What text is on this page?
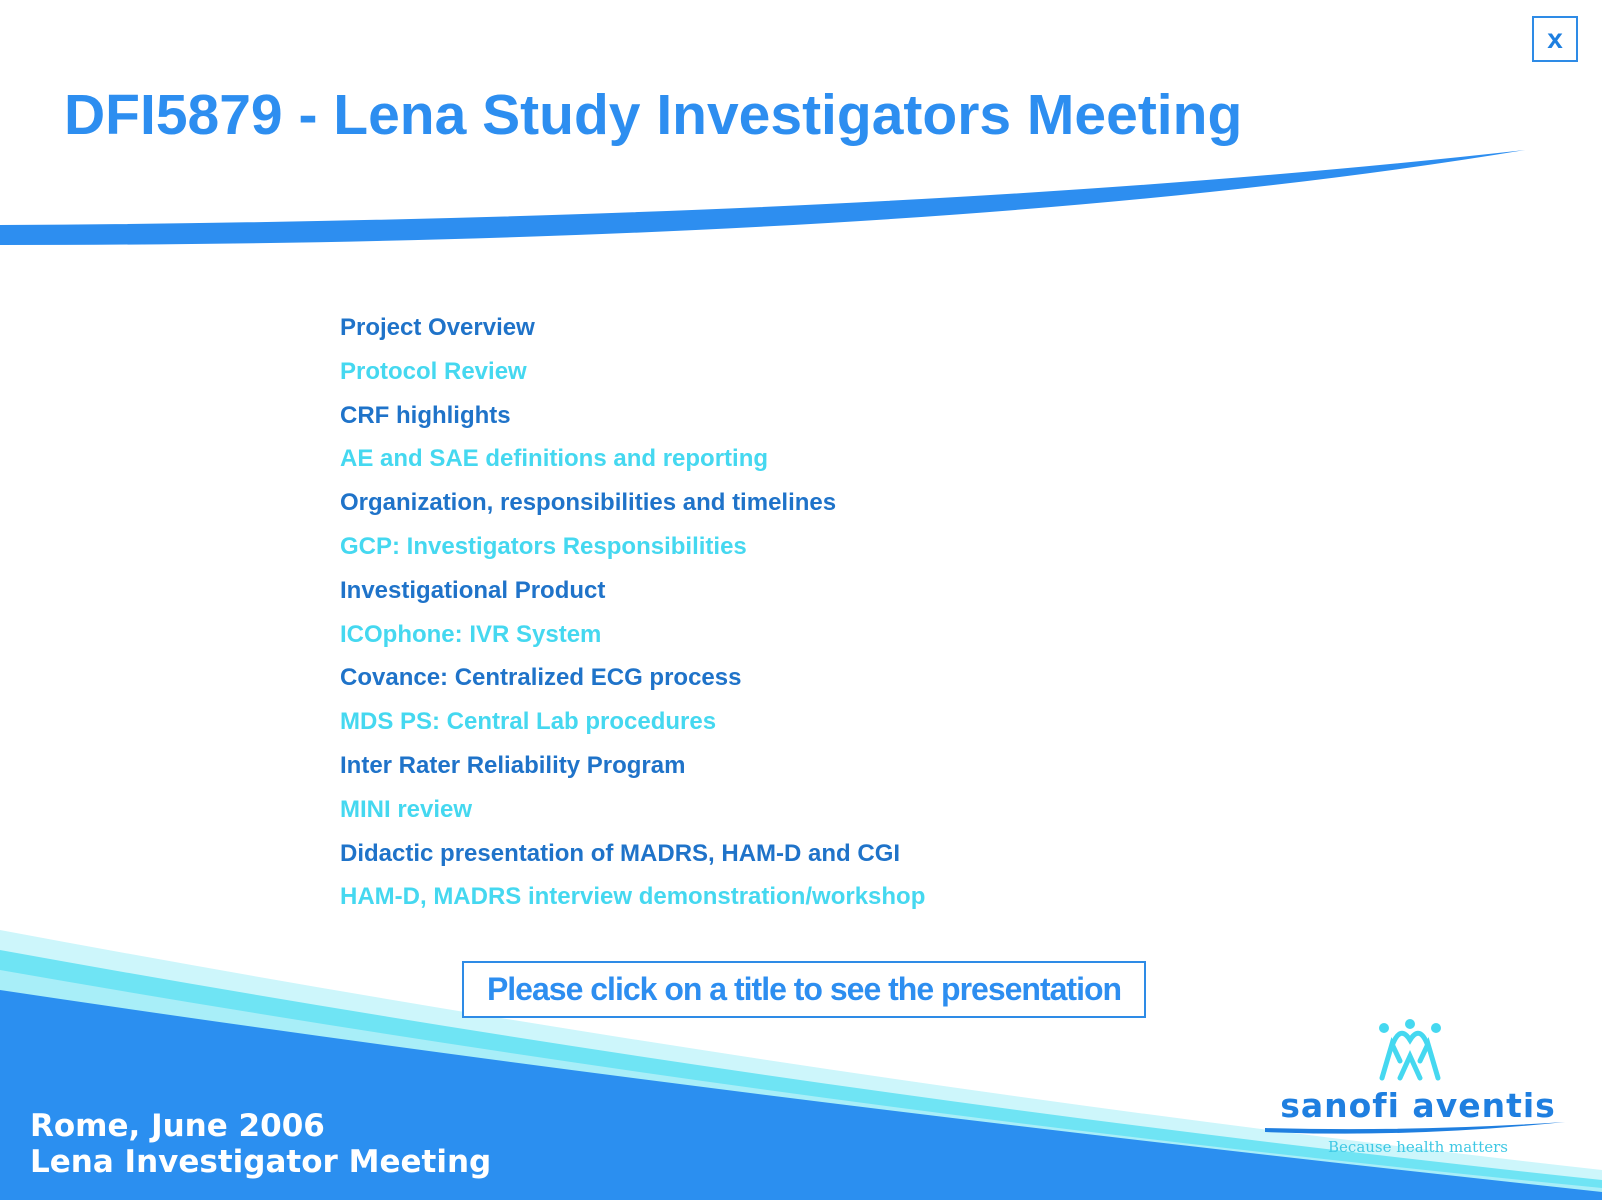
x
DFI5879 - Lena Study Investigators Meeting
Project Overview
Protocol Review
CRF highlights
AE and SAE definitions and reporting
Organization, responsibilities and timelines
GCP: Investigators Responsibilities
Investigational Product
ICOphone: IVR System
Covance: Centralized ECG process
MDS PS: Central Lab procedures
Inter Rater Reliability Program
MINI review
Didactic presentation of MADRS, HAM-D and CGI
HAM-D, MADRS interview demonstration/workshop
Please click on a title to see the presentation
Rome, June 2006
Lena Investigator Meeting
sanofi aventis
Because health matters
